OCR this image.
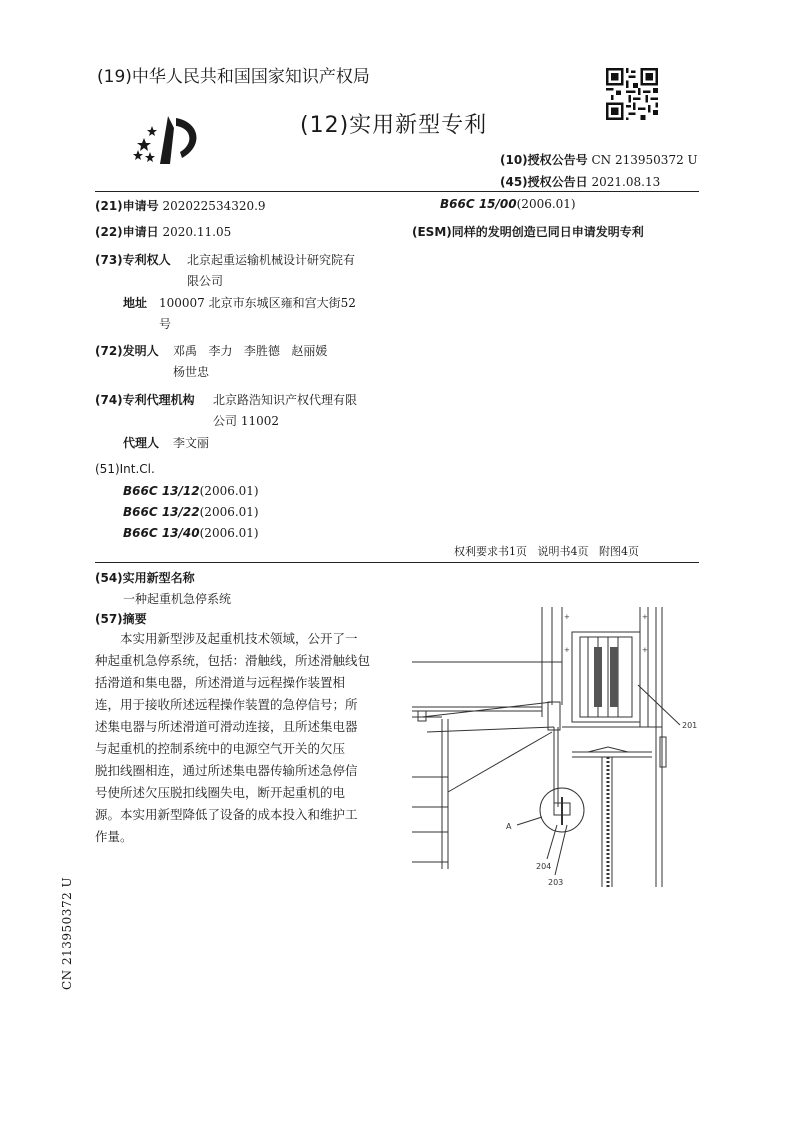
(19)中华人民共和国国家知识产权局
(12)实用新型专利
(10)授权公告号 CN 213950372 U
(45)授权公告日 2021.08.13
(21)申请号 202022534320.9
(22)申请日 2020.11.05
(73)专利权人 北京起重运输机械设计研究院有
限公司
地址 100007 北京市东城区雍和宫大街52
号
(72)发明人 邓禹   李力   李胜德   赵丽媛
杨世忠
(74)专利代理机构 北京路浩知识产权代理有限
公司 11002
代理人 李文丽
(51)Int.Cl.
B66C 13/12(2006.01)
B66C 13/22(2006.01)
B66C 13/40(2006.01)
B66C 15/00(2006.01)
(ESM)同样的发明创造已同日申请发明专利
权利要求书1页   说明书4页   附图4页
(54)实用新型名称
一种起重机急停系统
(57)摘要
　　本实用新型涉及起重机技术领域，公开了一
种起重机急停系统，包括：滑触线，所述滑触线包
括滑道和集电器，所述滑道与远程操作装置相
连，用于接收所述远程操作装置的急停信号；所
述集电器与所述滑道可滑动连接，且所述集电器
与起重机的控制系统中的电源空气开关的欠压
脱扣线圈相连，通过所述集电器传输所述急停信
号使所述欠压脱扣线圈失电，断开起重机的电
源。本实用新型降低了设备的成本投入和维护工
作量。
+
+
+
+
201
A
204
203
CN 213950372 U
